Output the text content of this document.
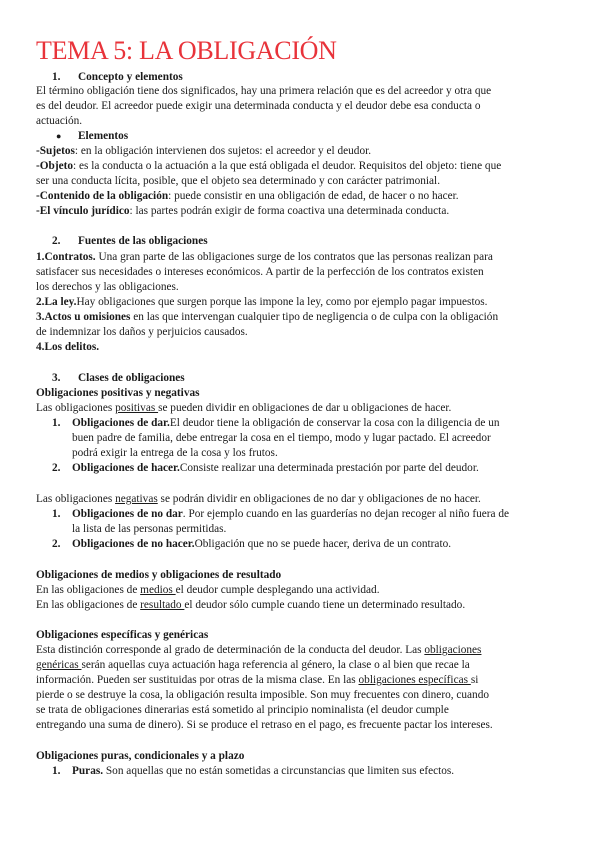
TEMA 5: LA OBLIGACIÓN
1. Concepto y elementos
El término obligación tiene dos significados, hay una primera relación que es del acreedor y otra que
es del deudor. El acreedor puede exigir una determinada conducta y el deudor debe esa conducta o
actuación.
● Elementos
-Sujetos: en la obligación intervienen dos sujetos: el acreedor y el deudor.
-Objeto: es la conducta o la actuación a la que está obligada el deudor. Requisitos del objeto: tiene que
ser una conducta lícita, posible, que el objeto sea determinado y con carácter patrimonial.
-Contenido de la obligación: puede consistir en una obligación de edad, de hacer o no hacer.
-El vínculo jurídico: las partes podrán exigir de forma coactiva una determinada conducta.
2. Fuentes de las obligaciones
1.Contratos. Una gran parte de las obligaciones surge de los contratos que las personas realizan para
satisfacer sus necesidades o intereses económicos. A partir de la perfección de los contratos existen
los derechos y las obligaciones.
2.La ley.Hay obligaciones que surgen porque las impone la ley, como por ejemplo pagar impuestos.
3.Actos u omisiones en las que intervengan cualquier tipo de negligencia o de culpa con la obligación
de indemnizar los daños y perjuicios causados.
4.Los delitos.
3. Clases de obligaciones
Obligaciones positivas y negativas
Las obligaciones positivas se pueden dividir en obligaciones de dar u obligaciones de hacer.
1. Obligaciones de dar.El deudor tiene la obligación de conservar la cosa con la diligencia de un
buen padre de familia, debe entregar la cosa en el tiempo, modo y lugar pactado. El acreedor
podrá exigir la entrega de la cosa y los frutos.
2. Obligaciones de hacer.Consiste realizar una determinada prestación por parte del deudor.
Las obligaciones negativas se podrán dividir en obligaciones de no dar y obligaciones de no hacer.
1. Obligaciones de no dar. Por ejemplo cuando en las guarderías no dejan recoger al niño fuera de
la lista de las personas permitidas.
2. Obligaciones de no hacer.Obligación que no se puede hacer, deriva de un contrato.
Obligaciones de medios y obligaciones de resultado
En las obligaciones de medios el deudor cumple desplegando una actividad.
En las obligaciones de resultado el deudor sólo cumple cuando tiene un determinado resultado.
Obligaciones específicas y genéricas
Esta distinción corresponde al grado de determinación de la conducta del deudor. Las obligaciones
genéricas serán aquellas cuya actuación haga referencia al género, la clase o al bien que recae la
información. Pueden ser sustituidas por otras de la misma clase. En las obligaciones específicas si
pierde o se destruye la cosa, la obligación resulta imposible. Son muy frecuentes con dinero, cuando
se trata de obligaciones dinerarias está sometido al principio nominalista (el deudor cumple
entregando una suma de dinero). Si se produce el retraso en el pago, es frecuente pactar los intereses.
Obligaciones puras, condicionales y a plazo
1. Puras. Son aquellas que no están sometidas a circunstancias que limiten sus efectos.
